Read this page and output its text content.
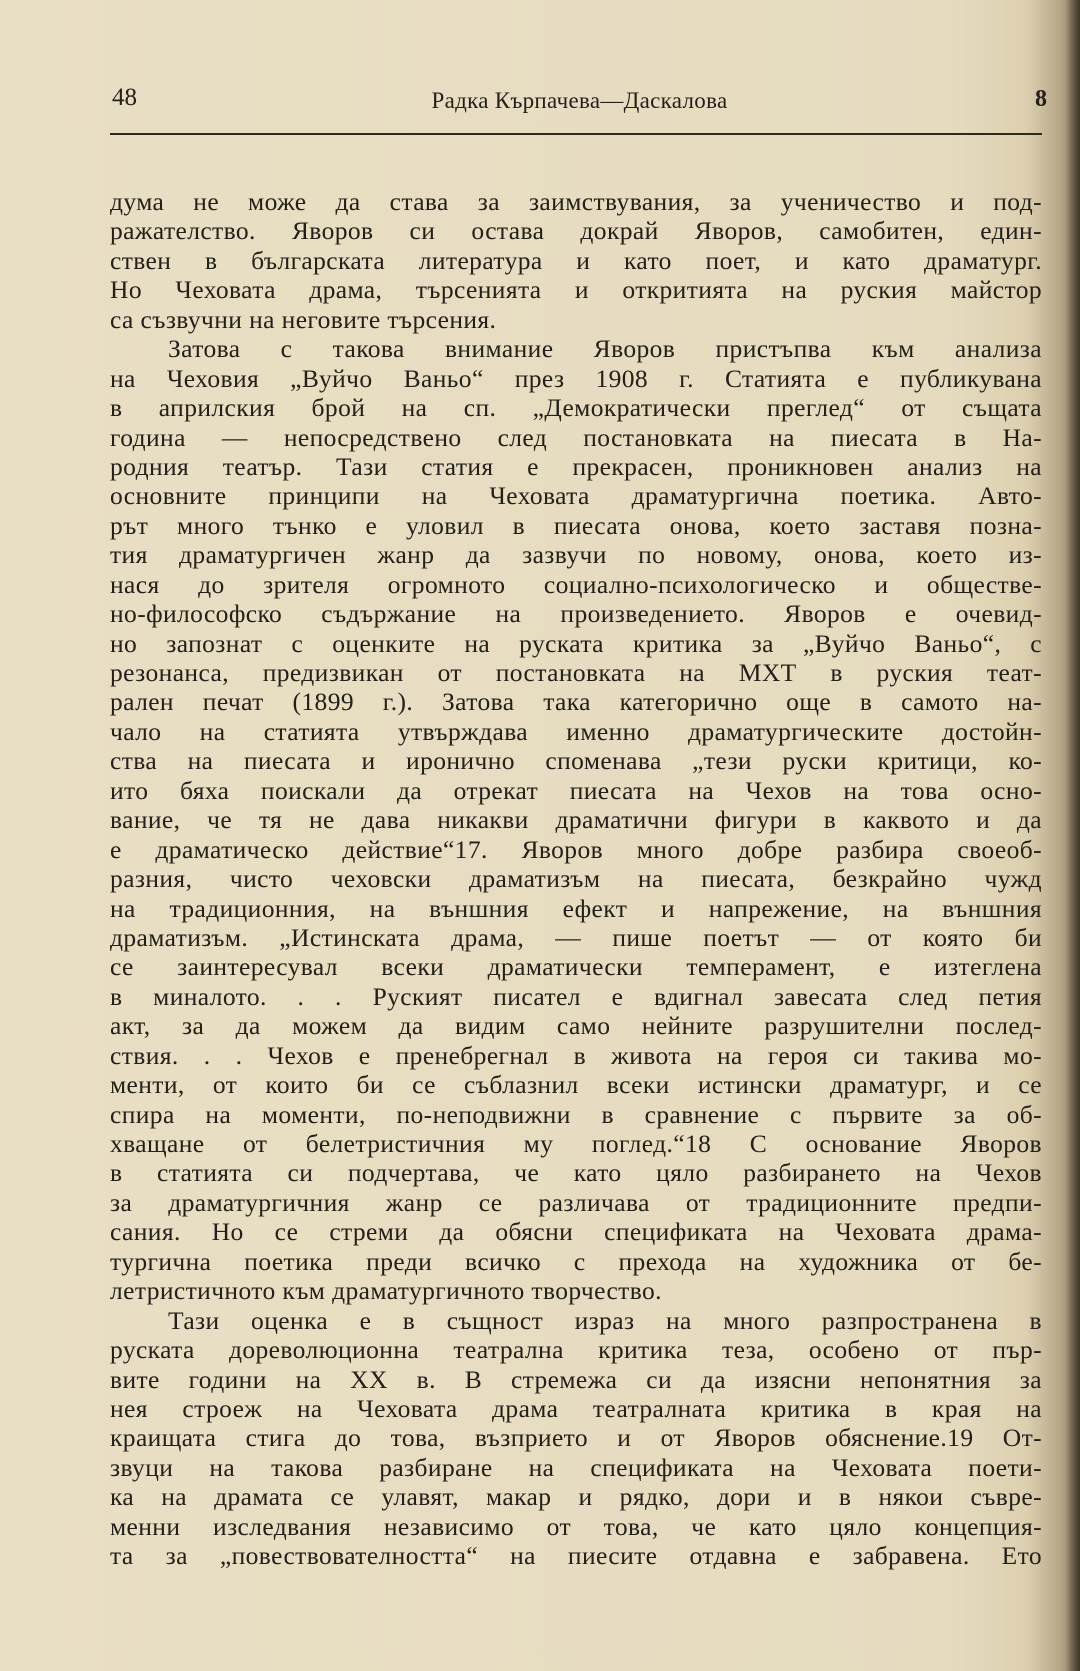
48	Радка Кърпачева—Даскалова	8
дума не може да става за заимствувания, за ученичество и под-
ражателство. Яворов си остава докрай Яворов, самобитен, един-
ствен в българската литература и като поет, и като драматург.
Но Чеховата драма, търсенията и откритията на руския майстор
са съзвучни на неговите търсения.
Затова с такова внимание Яворов пристъпва към анализа
на Чеховия „Вуйчо Ваньо“ през 1908 г. Статията е публикувана
в априлския брой на сп. „Демократически преглед“ от същата
година — непосредствено след постановката на пиесата в На-
родния театър. Тази статия е прекрасен, проникновен анализ на
основните принципи на Чеховата драматургична поетика. Авто-
рът много тънко е уловил в пиесата онова, което заставя позна-
тия драматургичен жанр да зазвучи по новому, онова, което из-
нася до зрителя огромното социално-психологическо и обществе-
но-философско съдържание на произведението. Яворов е очевид-
но запознат с оценките на руската критика за „Вуйчо Ваньо“, с
резонанса, предизвикан от постановката на МХТ в руския теат-
рален печат (1899 г.). Затова така категорично още в самото на-
чало на статията утвърждава именно драматургическите достойн-
ства на пиесата и иронично споменава „тези руски критици, ко-
ито бяха поискали да отрекат пиесата на Чехов на това осно-
вание, че тя не дава никакви драматични фигури в каквото и да
е драматическо действие“17. Яворов много добре разбира своеоб-
разния, чисто чеховски драматизъм на пиесата, безкрайно чужд
на традиционния, на външния ефект и напрежение, на външния
драматизъм. „Истинската драма, — пише поетът — от която би
се заинтересувал всеки драматически темперамент, е изтеглена
в миналото. . . Руският писател е вдигнал завесата след петия
акт, за да можем да видим само нейните разрушителни послед-
ствия. . . Чехов е пренебрегнал в живота на героя си такива мо-
менти, от които би се съблазнил всеки истински драматург, и се
спира на моменти, по-неподвижни в сравнение с първите за об-
хващане от белетристичния му поглед.“18 С основание Яворов
в статията си подчертава, че като цяло разбирането на Чехов
за драматургичния жанр се различава от традиционните предпи-
сания. Но се стреми да обясни спецификата на Чеховата драма-
тургична поетика преди всичко с прехода на художника от бе-
летристичното към драматургичното творчество.
Тази оценка е в същност израз на много разпространена в
руската дореволюционна театрална критика теза, особено от пър-
вите години на XX в. В стремежа си да изясни непонятния за
нея строеж на Чеховата драма театралната критика в края на
краищата стига до това, възприето и от Яворов обяснение.19 От-
звуци на такова разбиране на спецификата на Чеховата поети-
ка на драмата се улавят, макар и рядко, дори и в някои съвре-
менни изследвания независимо от това, че като цяло концепция-
та за „повествователността“ на пиесите отдавна е забравена. Ето
